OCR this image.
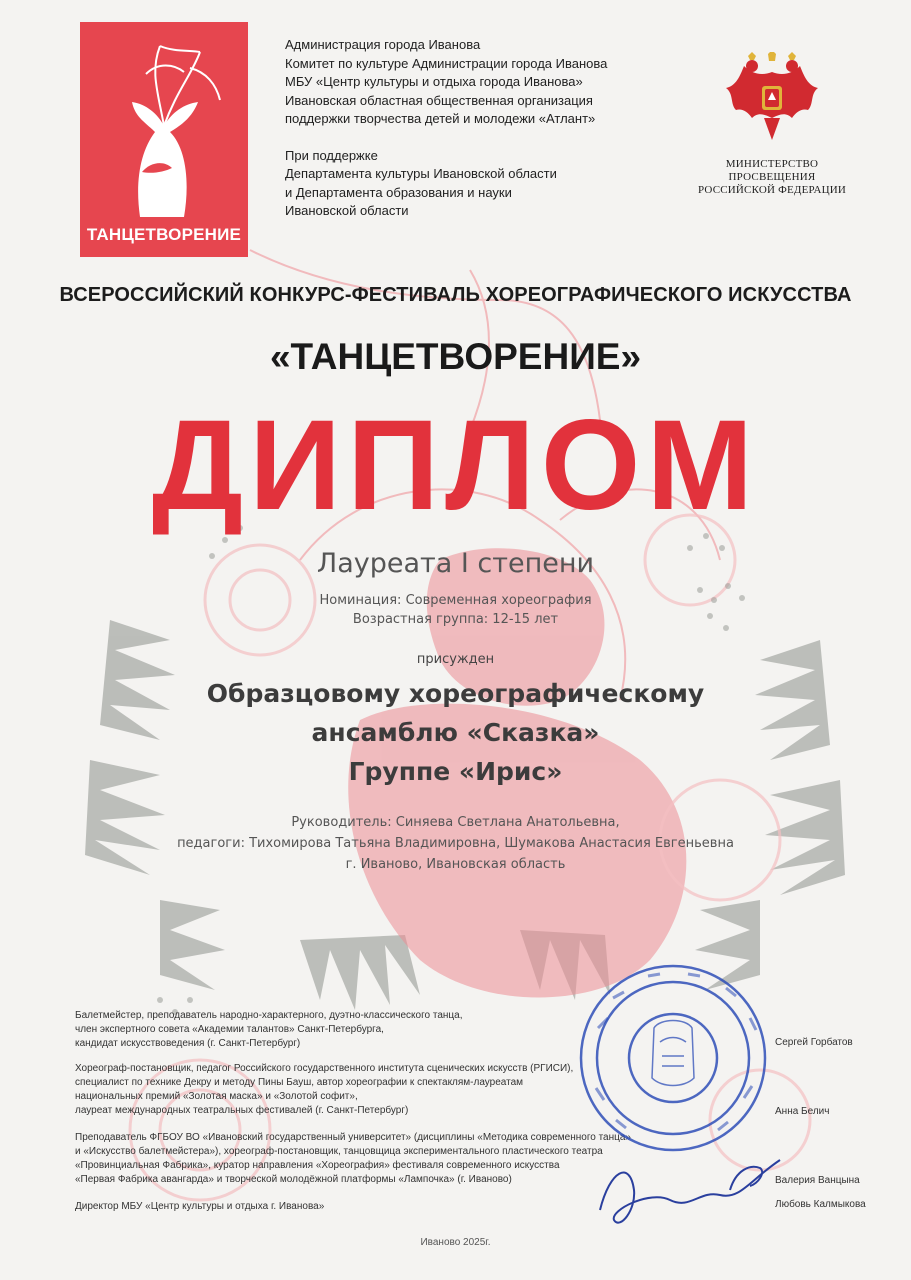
ТАНЦЕТВОРЕНИЕ
Администрация города Иванова
Комитет по культуре Администрации города Иванова
МБУ «Центр культуры и отдыха города Иванова»
Ивановская областная общественная организация
поддержки творчества детей и молодежи «Атлант»
При поддержке
Департамента культуры Ивановской области
и Департамента образования и науки
Ивановской области
МИНИСТЕРСТВО ПРОСВЕЩЕНИЯ
РОССИЙСКОЙ ФЕДЕРАЦИИ
ВСЕРОССИЙСКИЙ КОНКУРС-ФЕСТИВАЛЬ ХОРЕОГРАФИЧЕСКОГО ИСКУССТВА
«ТАНЦЕТВОРЕНИЕ»
ДИПЛОМ
Лауреата I степени
Номинация: Современная хореография
Возрастная группа: 12-15 лет
присужден
Образцовому хореографическому
ансамблю «Сказка»
Группе «Ирис»
Руководитель: Синяева Светлана Анатольевна,
педагоги: Тихомирова Татьяна Владимировна, Шумакова Анастасия Евгеньевна
г. Иваново, Ивановская область
Балетмейстер, преподаватель народно-характерного, дуэтно-классического танца,
член экспертного совета «Академии талантов» Санкт-Петербурга,
кандидат искусствоведения (г. Санкт-Петербург)
Хореограф-постановщик, педагог Российского государственного института сценических искусств (РГИСИ),
специалист по технике Декру и методу Пины Бауш, автор хореографии к спектаклям-лауреатам
национальных премий «Золотая маска» и «Золотой софит»,
лауреат международных театральных фестивалей (г. Санкт-Петербург)
Преподаватель ФГБОУ ВО «Ивановский государственный университет» (дисциплины «Методика современного танца»
и «Искусство балетмейстера»), хореограф-постановщик, танцовщица экспериментального пластического театра
«Провинциальная Фабрика», куратор направления «Хореография» фестиваля современного искусства
«Первая Фабрика авангарда» и творческой молодёжной платформы «Лампочка» (г. Иваново)
Директор МБУ «Центр культуры и отдыха г. Иванова»
Сергей Горбатов
Анна Белич
Валерия Ванцына
Любовь Калмыкова
Иваново 2025г.
